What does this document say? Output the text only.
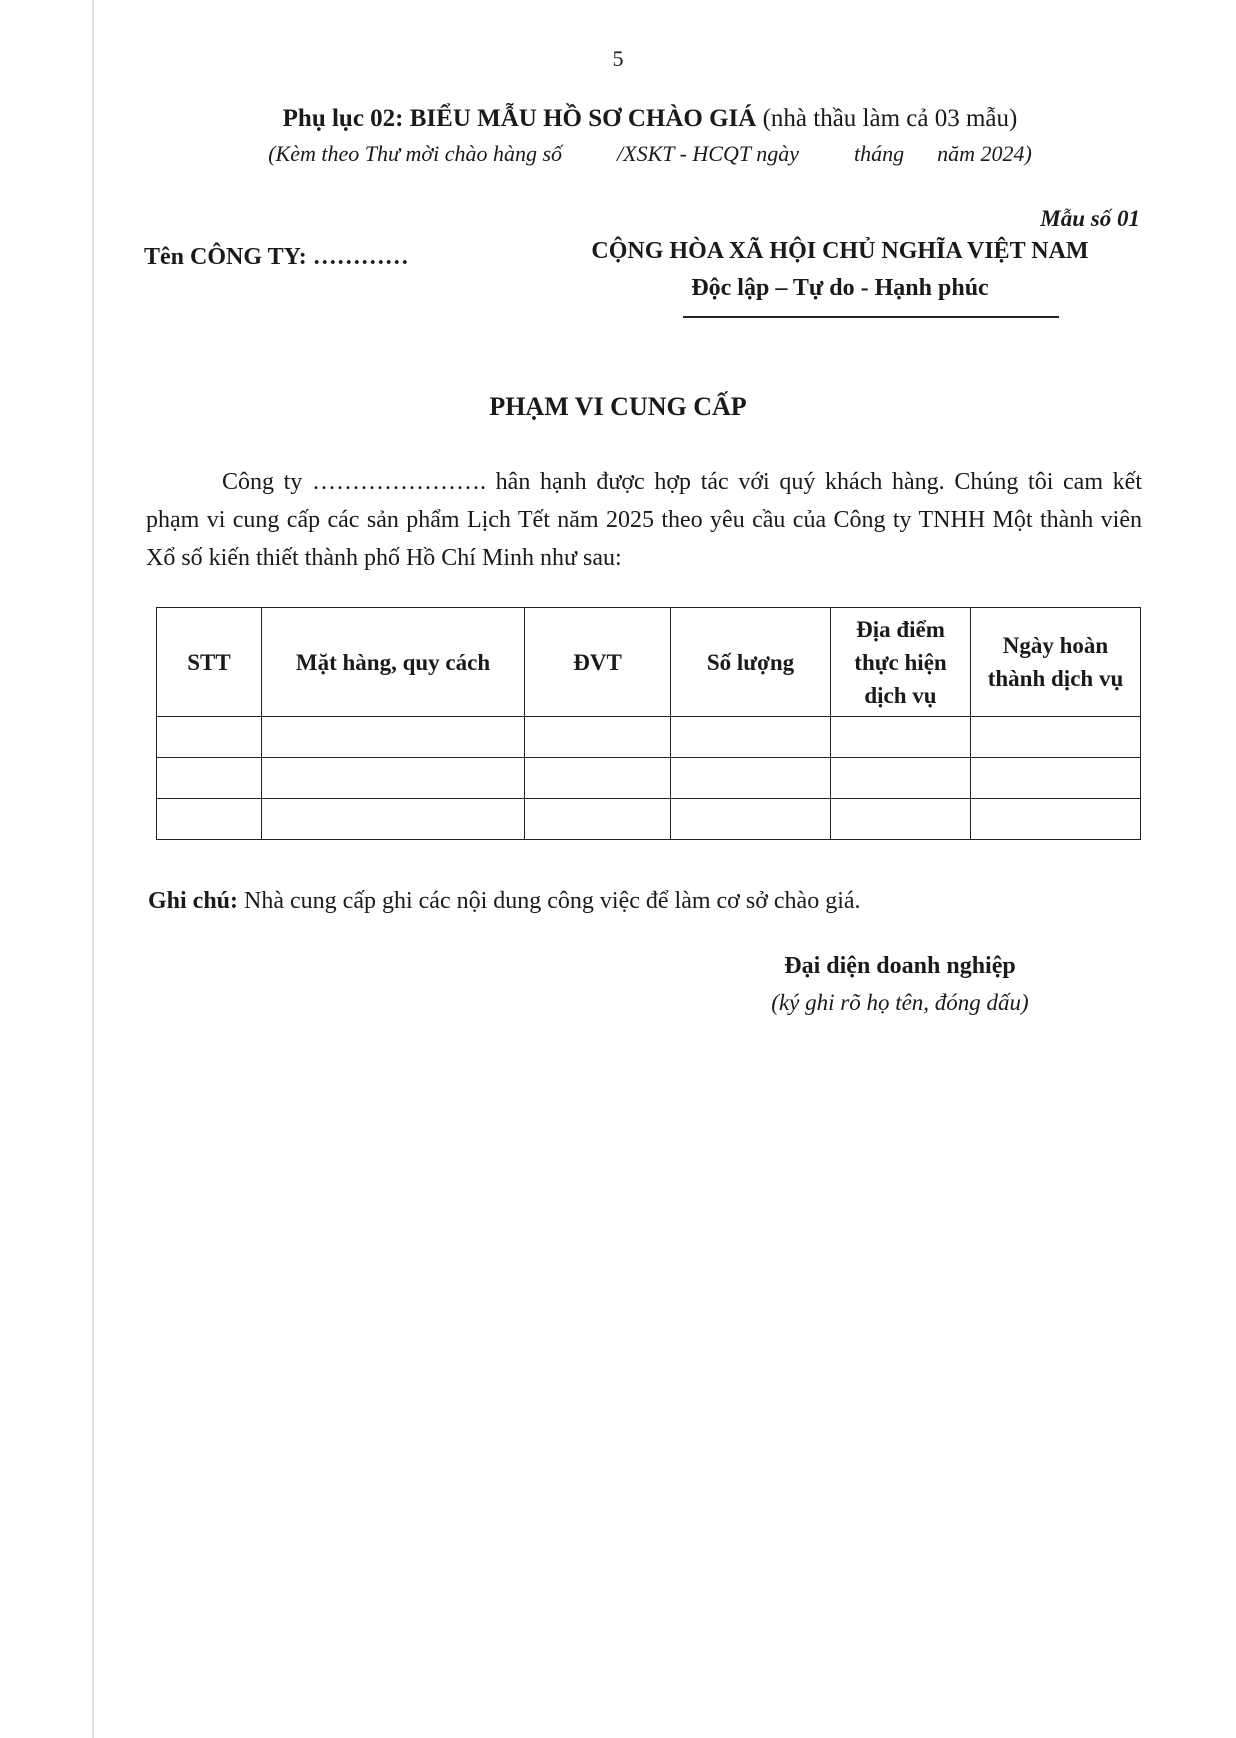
5
Phụ lục 02: BIỂU MẪU HỒ SƠ CHÀO GIÁ (nhà thầu làm cả 03 mẫu)
(Kèm theo Thư mời chào hàng số          /XSKT - HCQT ngày          tháng      năm 2024)
Mẫu số 01
Tên CÔNG TY: …………	CỘNG HÒA XÃ HỘI CHỦ NGHĨA VIỆT NAM
Độc lập – Tự do - Hạnh phúc
PHẠM VI CUNG CẤP
Công ty …………………. hân hạnh được hợp tác với quý khách hàng. Chúng tôi cam kết phạm vi cung cấp các sản phẩm Lịch Tết năm 2025 theo yêu cầu của Công ty TNHH Một thành viên Xổ số kiến thiết thành phố Hồ Chí Minh như sau:
STT	Mặt hàng, quy cách	ĐVT	Số lượng	Địa điểm thực hiện dịch vụ	Ngày hoàn thành dịch vụ

Ghi chú: Nhà cung cấp ghi các nội dung công việc để làm cơ sở chào giá.
Đại diện doanh nghiệp
(ký ghi rõ họ tên, đóng dấu)
